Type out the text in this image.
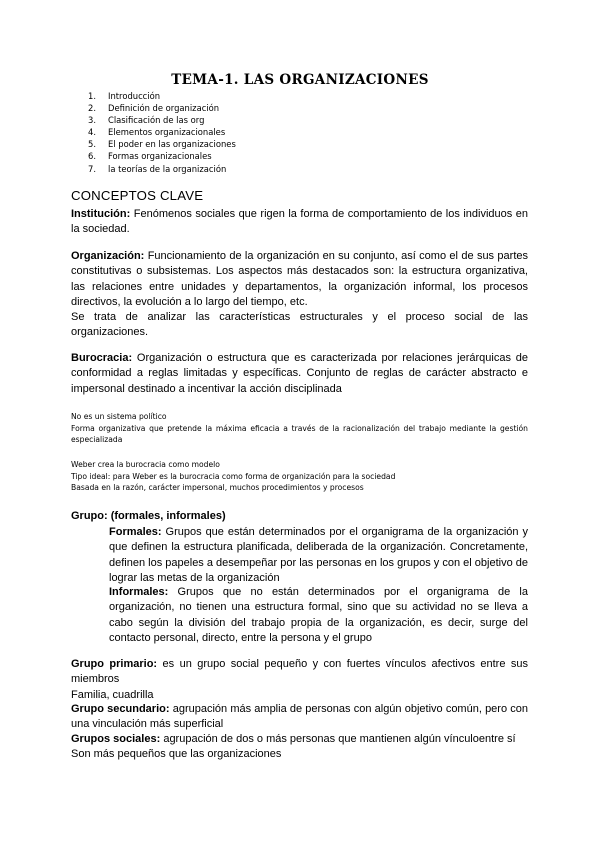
TEMA-1. LAS ORGANIZACIONES
1. Introducción
2. Definición de organización
3. Clasificación de las org
4. Elementos organizacionales
5. El poder en las organizaciones
6. Formas organizacionales
7. la teorías de la organización
CONCEPTOS CLAVE

Institución: Fenómenos sociales que rigen la forma de comportamiento de los individuos en la sociedad.

Organización: Funcionamiento de la organización en su conjunto, así como el de sus partes constitutivas o subsistemas. Los aspectos más destacados son: la estructura organizativa, las relaciones entre unidades y departamentos, la organización informal, los procesos directivos, la evolución a lo largo del tiempo, etc.
Se trata de analizar las características estructurales y el proceso social de las organizaciones.

Burocracia: Organización o estructura que es caracterizada por relaciones jerárquicas de conformidad a reglas limitadas y específicas. Conjunto de reglas de carácter abstracto e impersonal destinado a incentivar la acción disciplinada

No es un sistema político
Forma organizativa que pretende la máxima eficacia a través de la racionalización del trabajo mediante la gestión especializada
Weber crea la burocracia como modelo
Tipo ideal: para Weber es la burocracia como forma de organización para la sociedad
Basada en la razón, carácter impersonal, muchos procedimientos y procesos

Grupo: (formales, informales)

Formales: Grupos que están determinados por el organigrama de la organización y que definen la estructura planificada, deliberada de la organización. Concretamente, definen los papeles a desempeñar por las personas en los grupos y con el objetivo de lograr las metas de la organización

Informales: Grupos que no están determinados por el organigrama de la organización, no tienen una estructura formal, sino que su actividad no se lleva a cabo según la división del trabajo propia de la organización, es decir, surge del contacto personal, directo, entre la persona y el grupo

Grupo primario: es un grupo social pequeño y con fuertes vínculos afectivos entre sus miembros
Familia, cuadrilla

Grupo secundario: agrupación más amplia de personas con algún objetivo común, pero con una vinculación más superficial

Grupos sociales: agrupación de dos o más personas que mantienen algún vínculoentre sí
Son más pequeños que las organizaciones
